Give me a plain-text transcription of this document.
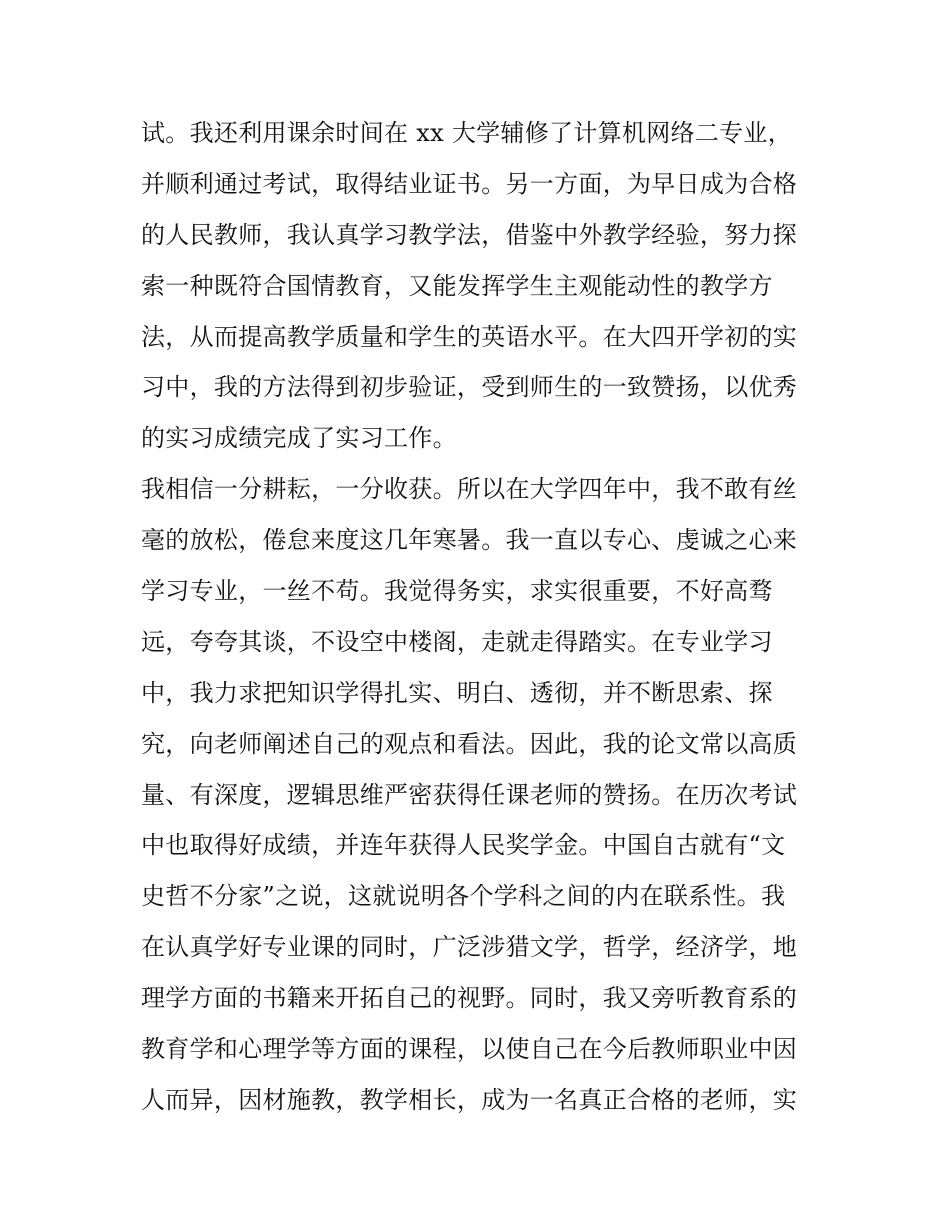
试。我还利用课余时间在 xx 大学辅修了计算机网络二专业，
并顺利通过考试，取得结业证书。另一方面，为早日成为合格
的人民教师，我认真学习教学法，借鉴中外教学经验，努力探
索一种既符合国情教育，又能发挥学生主观能动性的教学方
法，从而提高教学质量和学生的英语水平。在大四开学初的实
习中，我的方法得到初步验证，受到师生的一致赞扬，以优秀
的实习成绩完成了实习工作。
我相信一分耕耘，一分收获。所以在大学四年中，我不敢有丝
毫的放松，倦怠来度这几年寒暑。我一直以专心、虔诚之心来
学习专业，一丝不苟。我觉得务实，求实很重要，不好高骛
远，夸夸其谈，不设空中楼阁，走就走得踏实。在专业学习
中，我力求把知识学得扎实、明白、透彻，并不断思索、探
究，向老师阐述自己的观点和看法。因此，我的论文常以高质
量、有深度，逻辑思维严密获得任课老师的赞扬。在历次考试
中也取得好成绩，并连年获得人民奖学金。中国自古就有“文
史哲不分家”之说，这就说明各个学科之间的内在联系性。我
在认真学好专业课的同时，广泛涉猎文学，哲学，经济学，地
理学方面的书籍来开拓自己的视野。同时，我又旁听教育系的
教育学和心理学等方面的课程，以使自己在今后教师职业中因
人而异，因材施教，教学相长，成为一名真正合格的老师，实
